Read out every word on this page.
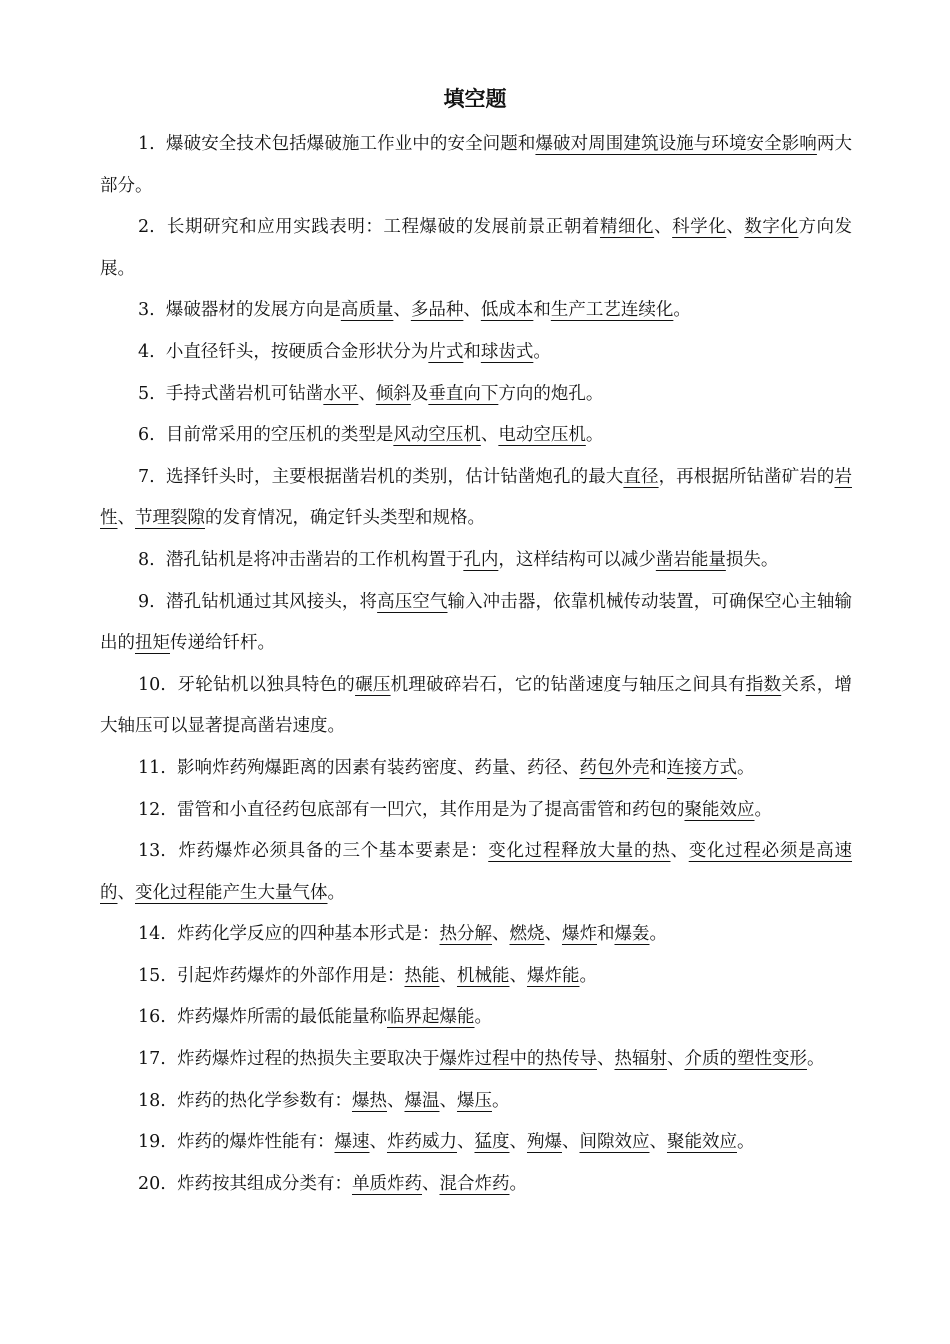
填空题

1. 爆破安全技术包括爆破施工作业中的安全问题和爆破对周围建筑设施与环境安全影响两大部分。

2. 长期研究和应用实践表明：工程爆破的发展前景正朝着精细化、科学化、数字化方向发展。

3. 爆破器材的发展方向是高质量、多品种、低成本和生产工艺连续化。

4. 小直径钎头，按硬质合金形状分为片式和球齿式。

5. 手持式凿岩机可钻凿水平、倾斜及垂直向下方向的炮孔。

6. 目前常采用的空压机的类型是风动空压机、电动空压机。

7. 选择钎头时，主要根据凿岩机的类别，估计钻凿炮孔的最大直径，再根据所钻凿矿岩的岩性、节理裂隙的发育情况，确定钎头类型和规格。

8. 潜孔钻机是将冲击凿岩的工作机构置于孔内，这样结构可以减少凿岩能量损失。

9. 潜孔钻机通过其风接头，将高压空气输入冲击器，依靠机械传动装置，可确保空心主轴输出的扭矩传递给钎杆。

10. 牙轮钻机以独具特色的碾压机理破碎岩石，它的钻凿速度与轴压之间具有指数关系，增大轴压可以显著提高凿岩速度。

11. 影响炸药殉爆距离的因素有装药密度、药量、药径、药包外壳和连接方式。

12. 雷管和小直径药包底部有一凹穴，其作用是为了提高雷管和药包的聚能效应。

13. 炸药爆炸必须具备的三个基本要素是：变化过程释放大量的热、变化过程必须是高速的、变化过程能产生大量气体。

14. 炸药化学反应的四种基本形式是：热分解、燃烧、爆炸和爆轰。

15. 引起炸药爆炸的外部作用是：热能、机械能、爆炸能。

16. 炸药爆炸所需的最低能量称临界起爆能。

17. 炸药爆炸过程的热损失主要取决于爆炸过程中的热传导、热辐射、介质的塑性变形。

18. 炸药的热化学参数有：爆热、爆温、爆压。

19. 炸药的爆炸性能有：爆速、炸药威力、猛度、殉爆、间隙效应、聚能效应。

20. 炸药按其组成分类有：单质炸药、混合炸药。
